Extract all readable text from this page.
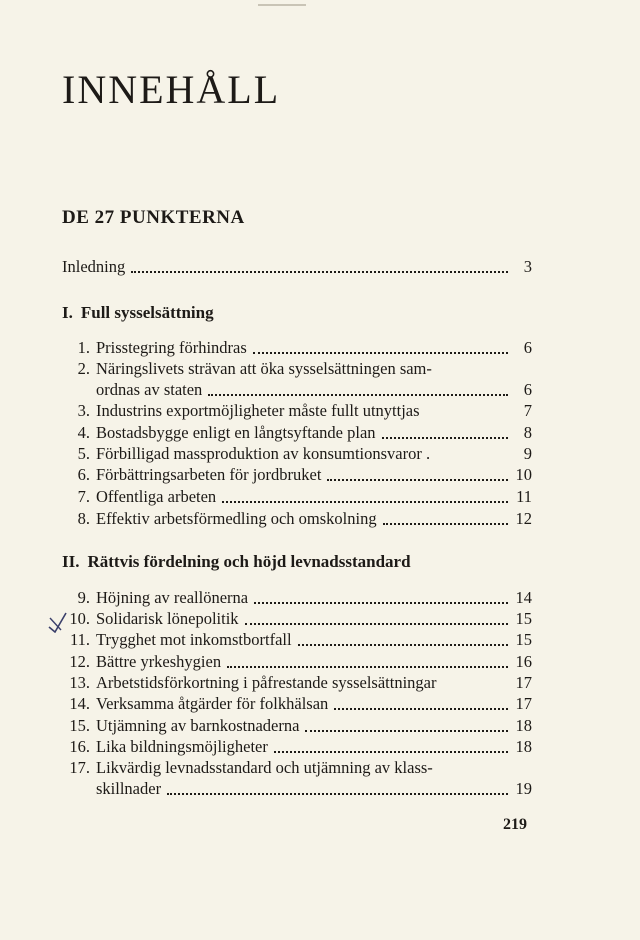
INNEHÅLL
DE 27 PUNKTERNA
Inledning	3
I. Full sysselsättning
1. Prisstegring förhindras	6
2. Näringslivets strävan att öka sysselsättningen sam-
ordnas av staten	6
3. Industrins exportmöjligheter måste fullt utnyttjas	7
4. Bostadsbygge enligt en långtsyftande plan	8
5. Förbilligad massproduktion av konsumtionsvaror .	9
6. Förbättringsarbeten för jordbruket	10
7. Offentliga arbeten	11
8. Effektiv arbetsförmedling och omskolning	12
II. Rättvis fördelning och höjd levnadsstandard
9. Höjning av reallönerna	14
10. Solidarisk lönepolitik	15
11. Trygghet mot inkomstbortfall	15
12. Bättre yrkeshygien	16
13. Arbetstidsförkortning i påfrestande sysselsättningar	17
14. Verksamma åtgärder för folkhälsan	17
15. Utjämning av barnkostnaderna	18
16. Lika bildningsmöjligheter	18
17. Likvärdig levnadsstandard och utjämning av klass-
skillnader	19
219
